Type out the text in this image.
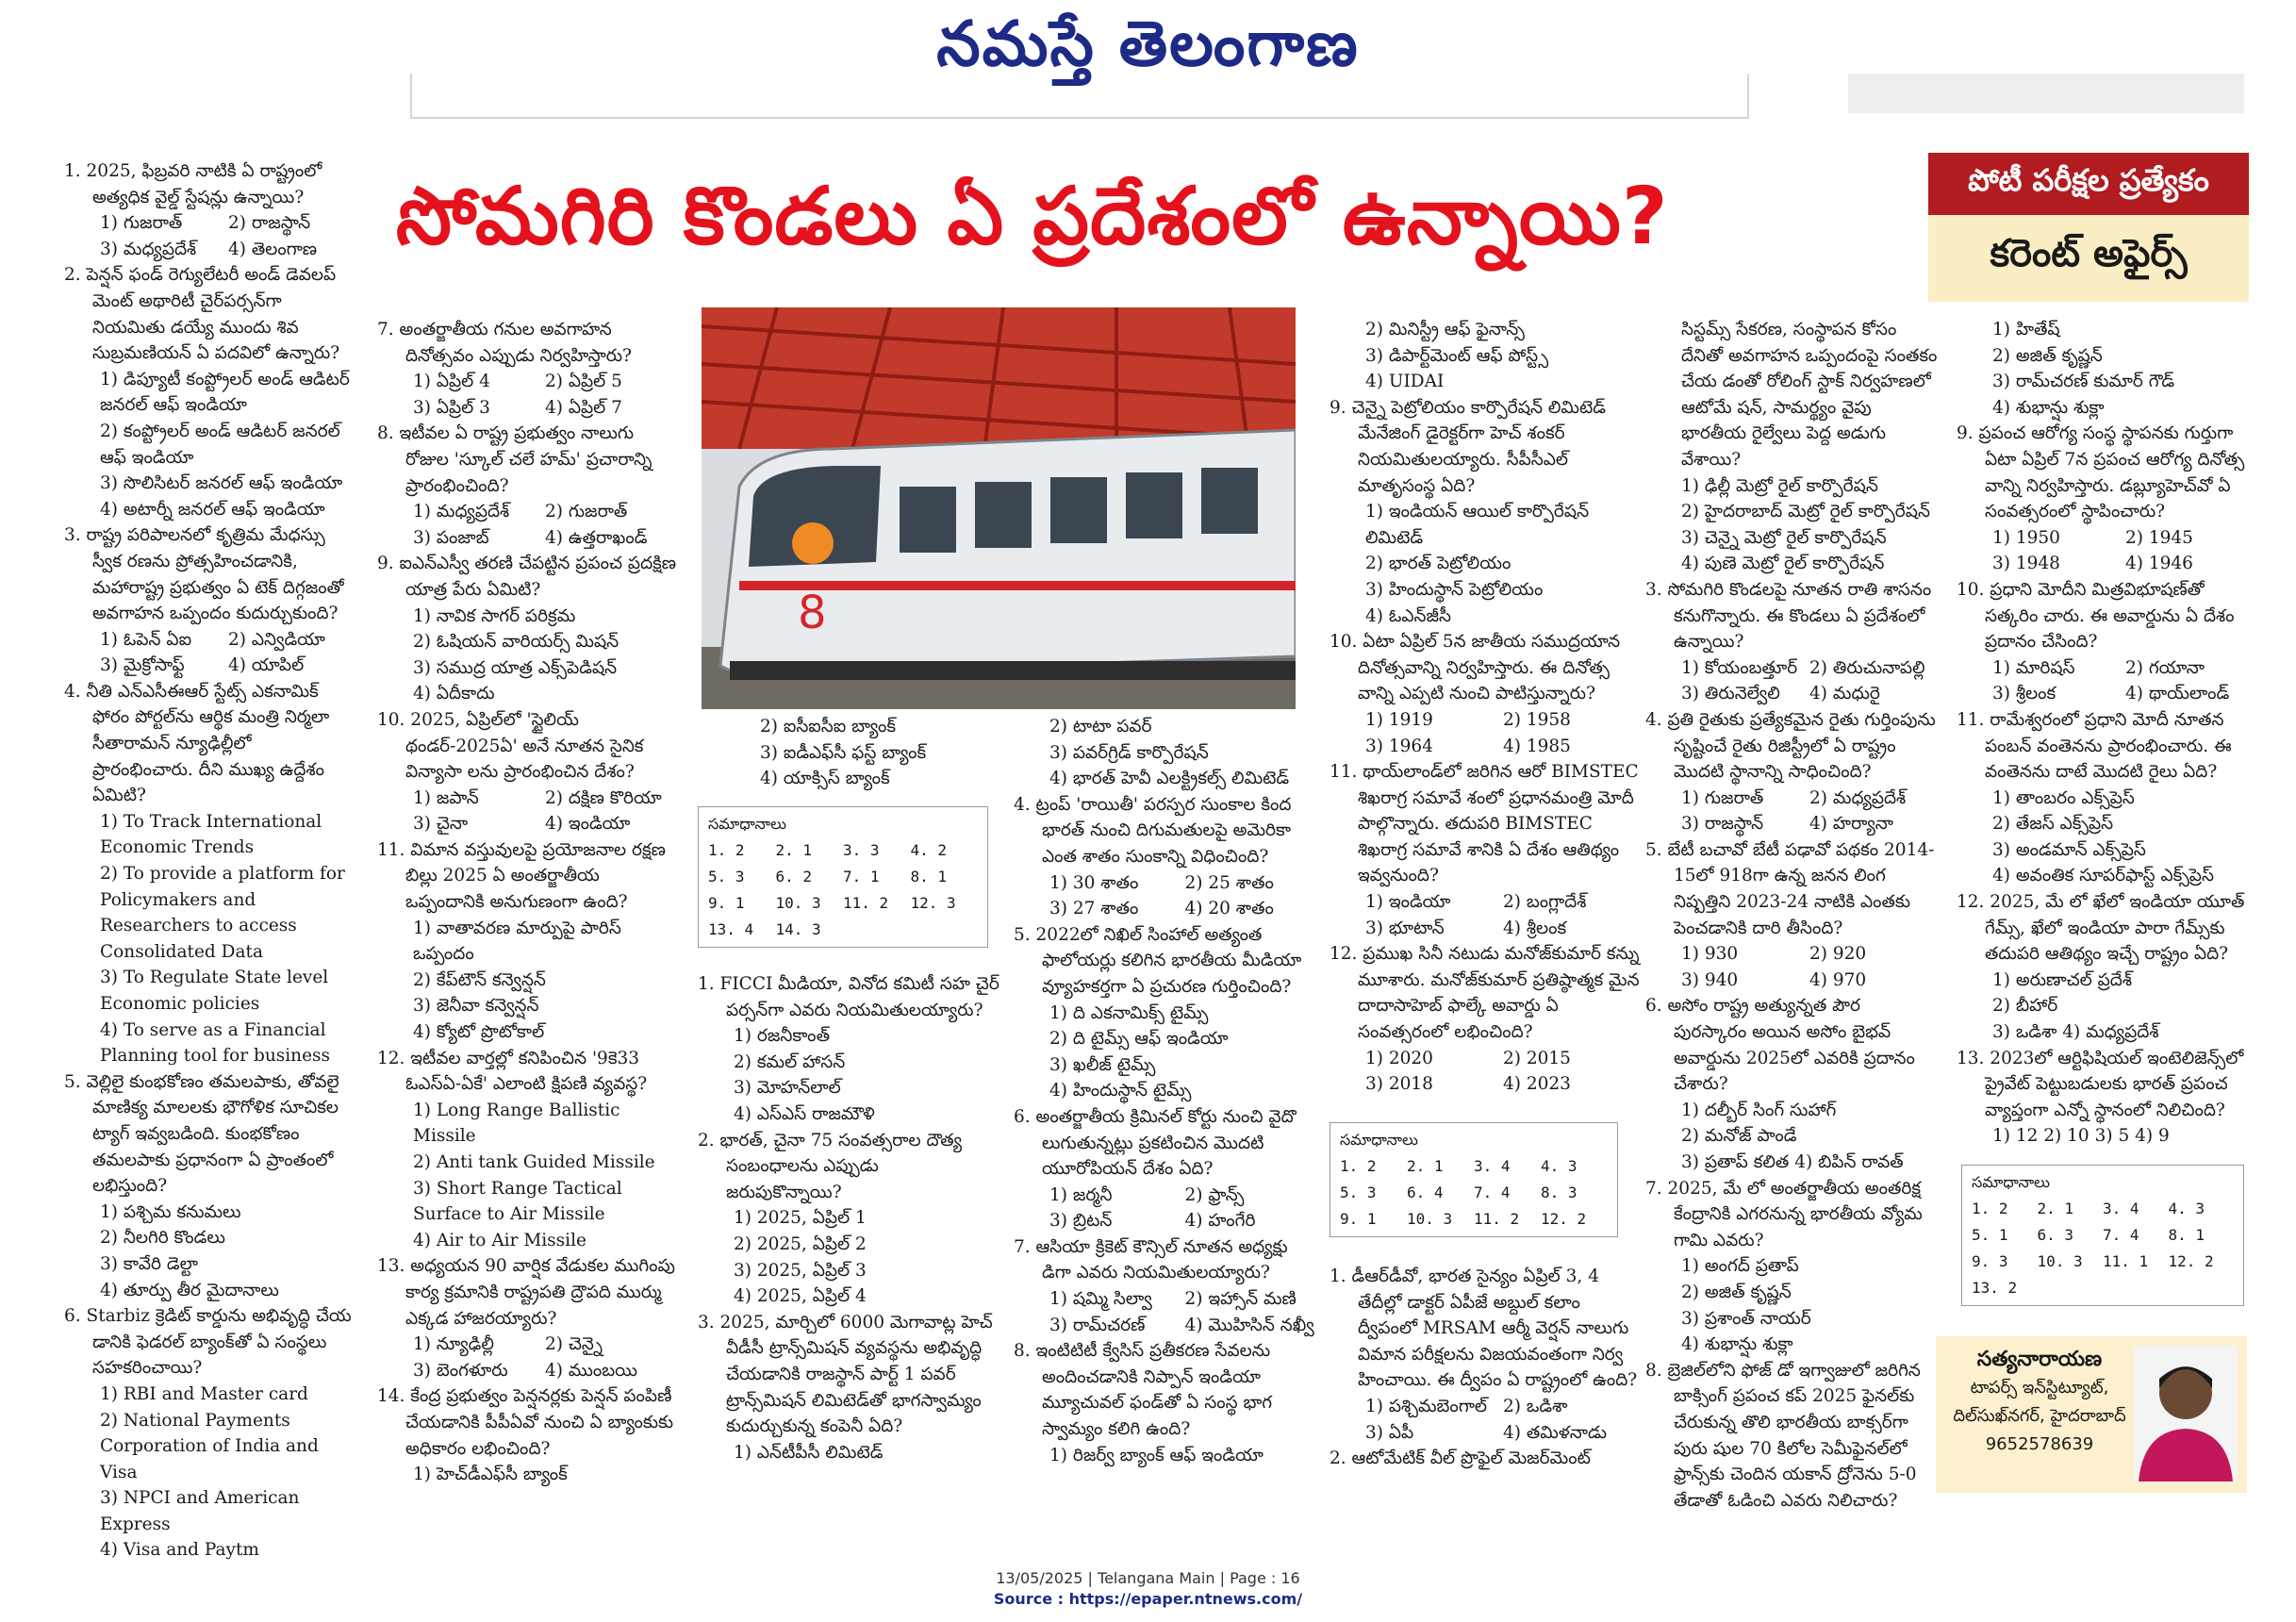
నమస్తే తెలంగాణ
సోమగిరి కొండలు ఏ ప్రదేశంలో ఉన్నాయి?	పోటీ పరీక్షల ప్రత్యేకం
కరెంట్ అఫైర్స్

1. 2025, ఫిబ్రవరి నాటికి ఏ రాష్ట్రంలో అత్యధిక వైల్డ్ స్టేషన్లు ఉన్నాయి?

1) గుజరాత్	2) రాజస్థాన్

3) మధ్యప్రదేశ్	4) తెలంగాణ

2. పెన్షన్ ఫండ్ రెగ్యులేటరీ అండ్ డెవలప్ మెంట్ అథారిటీ చైర్‌పర్సన్‌గా నియమితు డయ్యే ముందు శివ సుబ్రమణియన్ ఏ పదవిలో ఉన్నారు?

1) డిప్యూటీ కంప్ట్రోలర్ అండ్ ఆడిటర్ జనరల్ ఆఫ్ ఇండియా

2) కంప్ట్రోలర్ అండ్ ఆడిటర్ జనరల్ ఆఫ్ ఇండియా

3) సొలిసిటర్ జనరల్ ఆఫ్ ఇండియా

4) అటార్నీ జనరల్ ఆఫ్ ఇండియా

3. రాష్ట్ర పరిపాలనలో కృత్రిమ మేధస్సు స్వీక రణను ప్రోత్సహించడానికి, మహారాష్ట్ర ప్రభుత్వం ఏ టెక్ దిగ్గజంతో అవగాహన ఒప్పందం కుదుర్చుకుంది?

1) ఓపెన్ ఏఐ	2) ఎన్విడియా

3) మైక్రోసాఫ్ట్	4) యాపిల్

4. నీతి ఎన్ఎసీఈఆర్ స్టేట్స్ ఎకనామిక్ ఫోరం పోర్టల్‌ను ఆర్థిక మంత్రి నిర్మలా సీతారామన్ న్యూఢిల్లీలో ప్రారంభించారు. దీని ముఖ్య ఉద్దేశం ఏమిటి?

1) To Track International Economic Trends

2) To provide a platform for Policymakers and Researchers to access Consolidated Data

3) To Regulate State level Economic policies

4) To serve as a Financial Planning tool for business

5. వెల్లిలై కుంభకోణం తమలపాకు, తోవలై మాణిక్య మాలలకు భౌగోళిక సూచికల ట్యాగ్ ఇవ్వబడింది. కుంభకోణం తమలపాకు ప్రధానంగా ఏ ప్రాంతంలో లభిస్తుంది?

1) పశ్చిమ కనుమలు

2) నీలగిరి కొండలు

3) కావేరి డెల్టా

4) తూర్పు తీర మైదానాలు

6. Starbiz క్రెడిట్ కార్డును అభివృద్ధి చేయ డానికి ఫెడరల్ బ్యాంక్‌తో ఏ సంస్థలు సహకరించాయి?

1) RBI and Master card

2) National Payments Corporation of India and Visa

3) NPCI and American Express

4) Visa and Paytm

7. అంతర్జాతీయ గనుల అవగాహన దినోత్సవం ఎప్పుడు నిర్వహిస్తారు?

1) ఏప్రిల్ 4	2) ఏప్రిల్ 5

3) ఏప్రిల్ 3	4) ఏప్రిల్ 7

8. ఇటీవల ఏ రాష్ట్ర ప్రభుత్వం నాలుగు రోజుల 'స్కూల్ చలే హమ్' ప్రచారాన్ని ప్రారంభించింది?

1) మధ్యప్రదేశ్	2) గుజరాత్

3) పంజాబ్	4) ఉత్తరాఖండ్

9. ఐఎన్ఎస్వీ తరణి చేపట్టిన ప్రపంచ ప్రదక్షిణ యాత్ర పేరు ఏమిటి?

1) నావిక సాగర్ పరిక్రమ

2) ఓషియన్ వారియర్స్ మిషన్

3) సముద్ర యాత్ర ఎక్స్‌పెడిషన్

4) ఏదీకాదు

10. 2025, ఏప్రిల్‌లో 'స్టైలియ్ థండర్-2025ఏ' అనే నూతన సైనిక విన్యాసా లను ప్రారంభించిన దేశం?

1) జపాన్	2) దక్షిణ కొరియా

3) చైనా	4) ఇండియా

11. విమాన వస్తువులపై ప్రయోజనాల రక్షణ బిల్లు 2025 ఏ అంతర్జాతీయ ఒప్పందానికి అనుగుణంగా ఉంది?

1) వాతావరణ మార్పుపై పారిస్ ఒప్పందం

2) కేప్‌టౌన్ కన్వెన్షన్

3) జెనీవా కన్వెన్షన్

4) క్యోటో ప్రొటోకాల్

12. ఇటీవల వార్తల్లో కనిపించిన '9కె33 ఓఎస్ఏ-ఏకే' ఎలాంటి క్షిపణి వ్యవస్థ?

1) Long Range Ballistic Missile

2) Anti tank Guided Missile

3) Short Range Tactical Surface to Air Missile

4) Air to Air Missile

13. అధ్యయన 90 వార్షిక వేడుకల ముగింపు కార్య క్రమానికి రాష్ట్రపతి ద్రౌపది ముర్ము ఎక్కడ హాజరయ్యారు?

1) న్యూఢిల్లీ	2) చెన్నై

3) బెంగళూరు	4) ముంబయి

14. కేంద్ర ప్రభుత్వం పెన్షనర్లకు పెన్షన్ పంపిణీ చేయడానికి పీపీఏవో నుంచి ఏ బ్యాంకుకు అధికారం లభించింది?

1) హెచ్‌డీఎఫ్‌సీ బ్యాంక్

8

2) ఐసీఐసీఐ బ్యాంక్

3) ఐడీఎఫ్‌సీ ఫస్ట్ బ్యాంక్

4) యాక్సిస్ బ్యాంక్

సమాధానాలు
1. 2	2. 1	3. 3	4. 2
5. 3	6. 2	7. 1	8. 1
9. 1	10. 3	11. 2	12. 3
13. 4	14. 3

1. FICCI మీడియా, వినోద కమిటీ సహ చైర్ పర్సన్‌గా ఎవరు నియమితులయ్యారు?

1) రజనీకాంత్

2) కమల్ హాసన్

3) మోహన్‌లాల్

4) ఎస్ఎస్ రాజమౌళి

2. భారత్, చైనా 75 సంవత్సరాల దౌత్య సంబంధాలను ఎప్పుడు జరుపుకొన్నాయి?

1) 2025, ఏప్రిల్ 1

2) 2025, ఏప్రిల్ 2

3) 2025, ఏప్రిల్ 3

4) 2025, ఏప్రిల్ 4

3. 2025, మార్చిలో 6000 మెగావాట్ల హెచ్ వీడీసీ ట్రాన్స్‌మిషన్ వ్యవస్థను అభివృద్ధి చేయడానికి రాజస్థాన్ పార్ట్ 1 పవర్ ట్రాన్స్‌మిషన్ లిమిటెడ్‌తో భాగస్వామ్యం కుదుర్చుకున్న కంపెనీ ఏది?

1) ఎన్‌టీపీసీ లిమిటెడ్

2) టాటా పవర్

3) పవర్‌గ్రిడ్ కార్పొరేషన్

4) భారత్ హెవీ ఎలక్ట్రికల్స్ లిమిటెడ్

4. ట్రంప్ 'రాయితీ' పరస్పర సుంకాల కింద భారత్ నుంచి దిగుమతులపై అమెరికా ఎంత శాతం సుంకాన్ని విధించింది?

1) 30 శాతం	2) 25 శాతం

3) 27 శాతం	4) 20 శాతం

5. 2022లో నిఖిల్ సింహాల్ అత్యంత ఫాలోయర్లు కలిగిన భారతీయ మీడియా వ్యూహకర్తగా ఏ ప్రచురణ గుర్తించింది?

1) ది ఎకనామిక్స్ టైమ్స్

2) ది టైమ్స్ ఆఫ్ ఇండియా

3) ఖలీజ్ టైమ్స్

4) హిందుస్థాన్ టైమ్స్

6. అంతర్జాతీయ క్రిమినల్ కోర్టు నుంచి వైదొ లుగుతున్నట్లు ప్రకటించిన మొదటి యూరోపియన్ దేశం ఏది?

1) జర్మనీ	2) ఫ్రాన్స్

3) బ్రిటన్	4) హంగేరి

7. ఆసియా క్రికెట్ కౌన్సిల్ నూతన అధ్యక్షు డిగా ఎవరు నియమితులయ్యారు?

1) షమ్మి సిల్వా	2) ఇహ్సాన్ మణి

3) రామ్‌చరణ్	4) మొహిసిన్ నఖ్వీ

8. ఇంటిటిటీ క్వేసిస్ ప్రతీకరణ సేవలను అందించడానికి నిప్పాన్ ఇండియా మ్యూచువల్ ఫండ్‌తో ఏ సంస్థ భాగ స్వామ్యం కలిగి ఉంది?

1) రిజర్వ్ బ్యాంక్ ఆఫ్ ఇండియా

2) మినిస్ట్రీ ఆఫ్ ఫైనాన్స్

3) డిపార్ట్‌మెంట్ ఆఫ్ పోస్ట్స్

4) UIDAI

9. చెన్నై పెట్రోలియం కార్పొరేషన్ లిమిటెడ్ మేనేజింగ్ డైరెక్టర్‌గా హెచ్ శంకర్ నియమితులయ్యారు. సీపీసీఎల్ మాతృసంస్థ ఏది?

1) ఇండియన్ ఆయిల్ కార్పొరేషన్ లిమిటెడ్

2) భారత్ పెట్రోలియం

3) హిందుస్థాన్ పెట్రోలియం

4) ఓఎన్‌జీసీ

10. ఏటా ఏప్రిల్ 5న జాతీయ సముద్రయాన దినోత్సవాన్ని నిర్వహిస్తారు. ఈ దినోత్స వాన్ని ఎప్పటి నుంచి పాటిస్తున్నారు?

1) 1919	2) 1958

3) 1964	4) 1985

11. థాయ్‌లాండ్‌లో జరిగిన ఆరో BIMSTEC శిఖరాగ్ర సమావే శంలో ప్రధానమంత్రి మోదీ పాల్గొన్నారు. తదుపరి BIMSTEC శిఖరాగ్ర సమావే శానికి ఏ దేశం ఆతిథ్యం ఇవ్వనుంది?

1) ఇండియా	2) బంగ్లాదేశ్

3) భూటాన్	4) శ్రీలంక

12. ప్రముఖ సినీ నటుడు మనోజ్‌కుమార్ కన్ను మూశారు. మనోజ్‌కుమార్ ప్రతిష్ఠాత్మక మైన దాదాసాహెబ్ ఫాల్కే అవార్డు ఏ సంవత్సరంలో లభించింది?

1) 2020	2) 2015

3) 2018	4) 2023

సమాధానాలు
1. 2	2. 1	3. 4	4. 3
5. 3	6. 4	7. 4	8. 3
9. 1	10. 3	11. 2	12. 2

1. డీఆర్‌డీవో, భారత సైన్యం ఏప్రిల్ 3, 4 తేదీల్లో డాక్టర్ ఏపీజే అబ్దుల్ కలాం ద్వీపంలో MRSAM ఆర్మీ వెర్షన్ నాలుగు విమాన పరీక్షలను విజయవంతంగా నిర్వ హించాయి. ఈ ద్వీపం ఏ రాష్ట్రంలో ఉంది?

1) పశ్చిమబెంగాల్ 2) ఒడిశా

3) ఏపీ	4) తమిళనాడు

2. ఆటోమేటిక్ వీల్ ప్రొఫైల్ మెజర్‌మెంట్

సిస్టమ్స్ సేకరణ, సంస్థాపన కోసం దేనితో అవగాహన ఒప్పందంపై సంతకం చేయ డంతో రోలింగ్ స్టాక్ నిర్వహణలో ఆటోమే షన్, సామర్థ్యం వైపు భారతీయ రైల్వేలు పెద్ద అడుగు వేశాయి?

1) ఢిల్లీ మెట్రో రైల్ కార్పొరేషన్

2) హైదరాబాద్ మెట్రో రైల్ కార్పొరేషన్

3) చెన్నై మెట్రో రైల్ కార్పొరేషన్

4) పుణె మెట్రో రైల్ కార్పొరేషన్

3. సోమగిరి కొండలపై నూతన రాతి శాసనం కనుగొన్నారు. ఈ కొండలు ఏ ప్రదేశంలో ఉన్నాయి?

1) కోయంబత్తూర్ 2) తిరుచునాపల్లి

3) తిరునెల్వేలి	4) మధురై

4. ప్రతి రైతుకు ప్రత్యేకమైన రైతు గుర్తింపును సృష్టించే రైతు రిజిస్ట్రీలో ఏ రాష్ట్రం మొదటి స్థానాన్ని సాధించింది?

1) గుజరాత్	2) మధ్యప్రదేశ్

3) రాజస్థాన్	4) హర్యానా

5. బేటీ బచావో బేటీ పఢావో పథకం 2014-15లో 918గా ఉన్న జనన లింగ నిష్పత్తిని 2023-24 నాటికి ఎంతకు పెంచడానికి దారి తీసింది?

1) 930	2) 920

3) 940	4) 970

6. అసోం రాష్ట్ర అత్యున్నత పౌర పురస్కారం అయిన అసోం బైభవ్ అవార్డును 2025లో ఎవరికి ప్రదానం చేశారు?

1) దల్బీర్ సింగ్ సుహాగ్

2) మనోజ్ పాండే

3) ప్రతాప్ కలిత 4) బిపిన్ రావత్

7. 2025, మే లో అంతర్జాతీయ అంతరిక్ష కేంద్రానికి ఎగరనున్న భారతీయ వ్యోమ గామి ఎవరు?

1) అంగద్ ప్రతాప్

2) అజిత్ కృష్ణన్

3) ప్రశాంత్ నాయర్

4) శుభాన్షు శుక్లా

8. బ్రెజిల్‌లోని ఫోజ్ డో ఇగ్వాజులో జరిగిన బాక్సింగ్ ప్రపంచ కప్ 2025 ఫైనల్‌కు చేరుకున్న తొలి భారతీయ బాక్సర్‌గా పురు షుల 70 కిలోల సెమీఫైనల్‌లో ఫ్రాన్స్‌కు చెందిన యకాన్ ద్రోనెను 5-0 తేడాతో ఓడించి ఎవరు నిలిచారు?

1) హితేష్

2) అజిత్ కృష్ణన్

3) రామ్‌చరణ్ కుమార్ గౌడ్

4) శుభాన్షు శుక్లా

9. ప్రపంచ ఆరోగ్య సంస్థ స్థాపనకు గుర్తుగా ఏటా ఏప్రిల్ 7న ప్రపంచ ఆరోగ్య దినోత్స వాన్ని నిర్వహిస్తారు. డబ్ల్యూహెచ్‌వో ఏ సంవత్సరంలో స్థాపించారు?

1) 1950	2) 1945

3) 1948	4) 1946

10. ప్రధాని మోదీని మిత్రవిభూషణ్‌తో సత్కరిం చారు. ఈ అవార్డును ఏ దేశం ప్రదానం చేసింది?

1) మారిషస్	2) గయానా

3) శ్రీలంక	4) థాయ్‌లాండ్

11. రామేశ్వరంలో ప్రధాని మోదీ నూతన పంబన్ వంతెనను ప్రారంభించారు. ఈ వంతెనను దాటే మొదటి రైలు ఏది?

1) తాంబరం ఎక్స్‌ప్రెస్

2) తేజస్ ఎక్స్‌ప్రెస్

3) అండమాన్ ఎక్స్‌ప్రెస్

4) అవంతిక సూపర్‌ఫాస్ట్ ఎక్స్‌ప్రెస్

12. 2025, మే లో ఖేలో ఇండియా యూత్ గేమ్స్, ఖేలో ఇండియా పారా గేమ్స్‌కు తదుపరి ఆతిథ్యం ఇచ్చే రాష్ట్రం ఏది?

1) అరుణాచల్ ప్రదేశ్

2) బీహార్

3) ఒడిశా 4) మధ్యప్రదేశ్

13. 2023లో ఆర్టిఫిషియల్ ఇంటెలిజెన్స్‌లో ప్రైవేట్ పెట్టుబడులకు భారత్ ప్రపంచ వ్యాప్తంగా ఎన్నో స్థానంలో నిలిచింది?

1) 12 2) 10 3) 5 4) 9

సమాధానాలు
1. 2	2. 1	3. 4	4. 3
5. 1	6. 3	7. 4	8. 1
9. 3	10. 3	11. 1	12. 2
13. 2
సత్యనారాయణ
టాపర్స్ ఇన్‌స్టిట్యూట్,
దిల్‌సుఖ్‌నగర్, హైదరాబాద్
9652578639
13/05/2025 | Telangana Main | Page : 16
Source : https://epaper.ntnews.com/
